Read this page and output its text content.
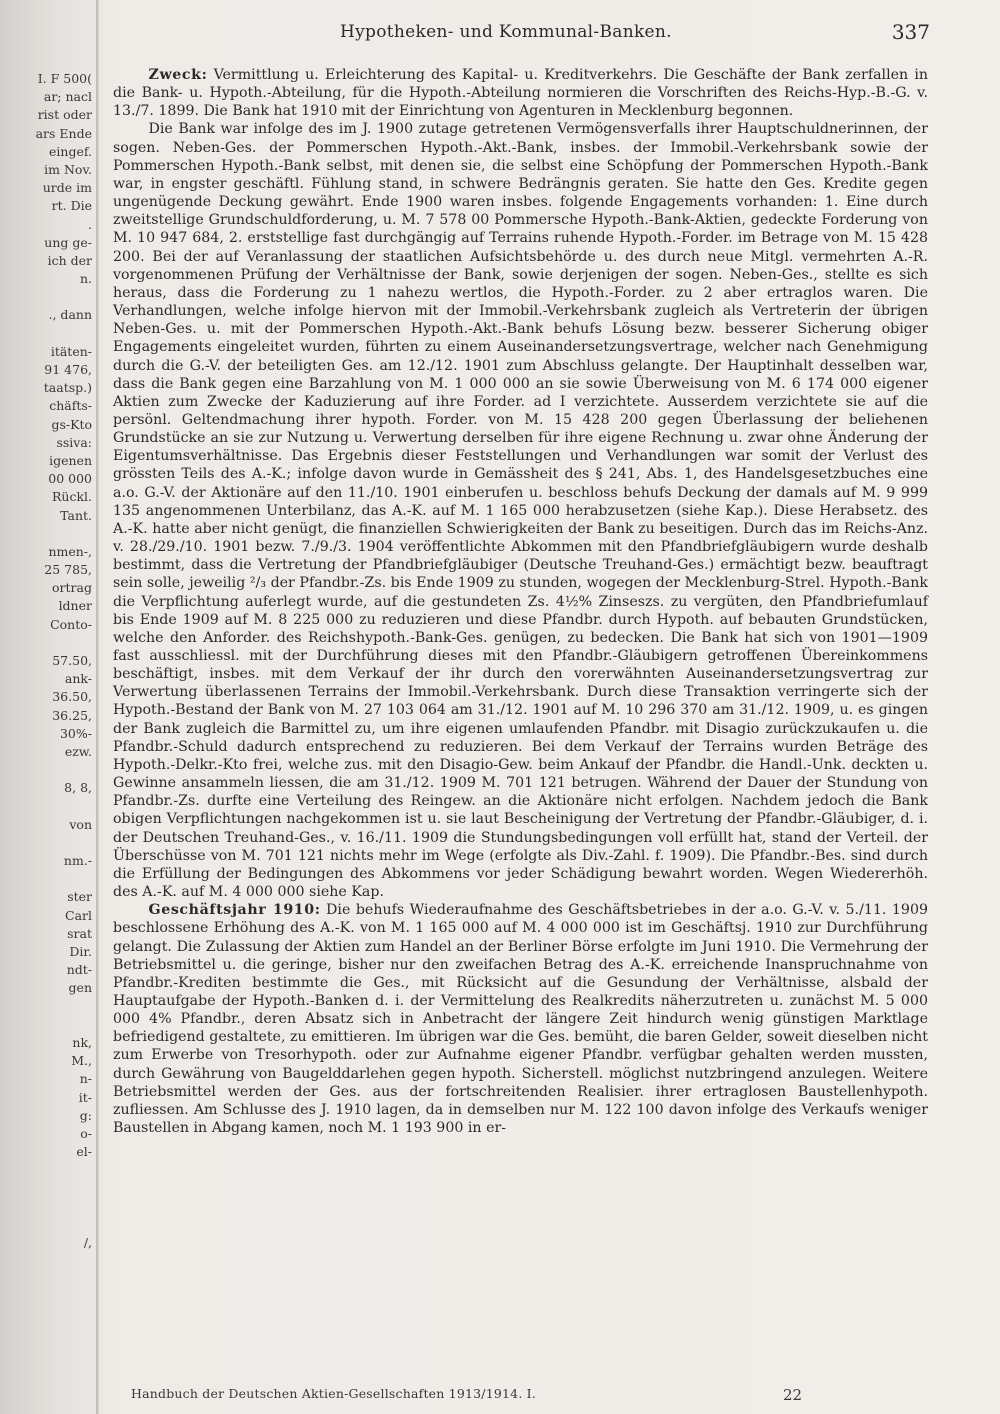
I. F 500(
ar; nacl
rist oder
ars Ende
eingef.
im Nov.
urde im
rt. Die
.
ung ge-
ich der
n.
., dann
itäten-
91 476,
taatsp.)
chäfts-
gs-Kto
ssiva:
igenen
00 000
Rückl.
Tant.
nmen-,
25 785,
ortrag
ldner
Conto-
57.50,
ank-
36.50,
36.25,
30%-
ezw.
8, 8,
von
nm.-
ster
Carl
srat
Dir.
ndt-
gen
nk,
M.,
n-
it-
g:
o-
el-
/,
Hypotheken- und Kommunal-Banken.	337

Zweck: Vermittlung u. Erleichterung des Kapital- u. Kreditverkehrs. Die Geschäfte der Bank zerfallen in die Bank- u. Hypoth.-Abteilung, für die Hypoth.-Abteilung normieren die Vorschriften des Reichs-Hyp.-B.-G. v. 13./7. 1899. Die Bank hat 1910 mit der Einrichtung von Agenturen in Mecklenburg begonnen.

Die Bank war infolge des im J. 1900 zutage getretenen Vermögensverfalls ihrer Hauptschuldnerinnen, der sogen. Neben-Ges. der Pommerschen Hypoth.-Akt.-Bank, insbes. der Immobil.-Verkehrsbank sowie der Pommerschen Hypoth.-Bank selbst, mit denen sie, die selbst eine Schöpfung der Pommerschen Hypoth.-Bank war, in engster geschäftl. Fühlung stand, in schwere Bedrängnis geraten. Sie hatte den Ges. Kredite gegen ungenügende Deckung gewährt. Ende 1900 waren insbes. folgende Engagements vorhanden: 1. Eine durch zweitstellige Grundschuldforderung, u. M. 7 578 00 Pommersche Hypoth.-Bank-Aktien, gedeckte Forderung von M. 10 947 684, 2. erststellige fast durchgängig auf Terrains ruhende Hypoth.-Forder. im Betrage von M. 15 428 200. Bei der auf Veranlassung der staatlichen Aufsichtsbehörde u. des durch neue Mitgl. vermehrten A.-R. vorgenommenen Prüfung der Verhältnisse der Bank, sowie derjenigen der sogen. Neben-Ges., stellte es sich heraus, dass die Forderung zu 1 nahezu wertlos, die Hypoth.-Forder. zu 2 aber ertraglos waren. Die Verhandlungen, welche infolge hiervon mit der Immobil.-Verkehrsbank zugleich als Vertreterin der übrigen Neben-Ges. u. mit der Pommerschen Hypoth.-Akt.-Bank behufs Lösung bezw. besserer Sicherung obiger Engagements eingeleitet wurden, führten zu einem Auseinandersetzungsvertrage, welcher nach Genehmigung durch die G.-V. der beteiligten Ges. am 12./12. 1901 zum Abschluss gelangte. Der Hauptinhalt desselben war, dass die Bank gegen eine Barzahlung von M. 1 000 000 an sie sowie Überweisung von M. 6 174 000 eigener Aktien zum Zwecke der Kaduzierung auf ihre Forder. ad I verzichtete. Ausserdem verzichtete sie auf die persönl. Geltendmachung ihrer hypoth. Forder. von M. 15 428 200 gegen Überlassung der beliehenen Grundstücke an sie zur Nutzung u. Verwertung derselben für ihre eigene Rechnung u. zwar ohne Änderung der Eigentumsverhältnisse. Das Ergebnis dieser Feststellungen und Verhandlungen war somit der Verlust des grössten Teils des A.-K.; infolge davon wurde in Gemässheit des § 241, Abs. 1, des Handelsgesetzbuches eine a.o. G.-V. der Aktionäre auf den 11./10. 1901 einberufen u. beschloss behufs Deckung der damals auf M. 9 999 135 angenommenen Unterbilanz, das A.-K. auf M. 1 165 000 herabzusetzen (siehe Kap.). Diese Herabsetz. des A.-K. hatte aber nicht genügt, die finanziellen Schwierigkeiten der Bank zu beseitigen. Durch das im Reichs-Anz. v. 28./29./10. 1901 bezw. 7./9./3. 1904 veröffentlichte Abkommen mit den Pfandbriefgläubigern wurde deshalb bestimmt, dass die Vertretung der Pfandbriefgläubiger (Deutsche Treuhand-Ges.) ermächtigt bezw. beauftragt sein solle, jeweilig ²/₃ der Pfandbr.-Zs. bis Ende 1909 zu stunden, wogegen der Mecklenburg-Strel. Hypoth.-Bank die Verpflichtung auferlegt wurde, auf die gestundeten Zs. 4½% Zinseszs. zu vergüten, den Pfandbriefumlauf bis Ende 1909 auf M. 8 225 000 zu reduzieren und diese Pfandbr. durch Hypoth. auf bebauten Grundstücken, welche den Anforder. des Reichshypoth.-Bank-Ges. genügen, zu bedecken. Die Bank hat sich von 1901—1909 fast ausschliessl. mit der Durchführung dieses mit den Pfandbr.-Gläubigern getroffenen Übereinkommens beschäftigt, insbes. mit dem Verkauf der ihr durch den vorerwähnten Auseinandersetzungsvertrag zur Verwertung überlassenen Terrains der Immobil.-Verkehrsbank. Durch diese Transaktion verringerte sich der Hypoth.-Bestand der Bank von M. 27 103 064 am 31./12. 1901 auf M. 10 296 370 am 31./12. 1909, u. es gingen der Bank zugleich die Barmittel zu, um ihre eigenen umlaufenden Pfandbr. mit Disagio zurückzukaufen u. die Pfandbr.-Schuld dadurch entsprechend zu reduzieren. Bei dem Verkauf der Terrains wurden Beträge des Hypoth.-Delkr.-Kto frei, welche zus. mit den Disagio-Gew. beim Ankauf der Pfandbr. die Handl.-Unk. deckten u. Gewinne ansammeln liessen, die am 31./12. 1909 M. 701 121 betrugen. Während der Dauer der Stundung von Pfandbr.-Zs. durfte eine Verteilung des Reingew. an die Aktionäre nicht erfolgen. Nachdem jedoch die Bank obigen Verpflichtungen nachgekommen ist u. sie laut Bescheinigung der Vertretung der Pfandbr.-Gläubiger, d. i. der Deutschen Treuhand-Ges., v. 16./11. 1909 die Stundungsbedingungen voll erfüllt hat, stand der Verteil. der Überschüsse von M. 701 121 nichts mehr im Wege (erfolgte als Div.-Zahl. f. 1909). Die Pfandbr.-Bes. sind durch die Erfüllung der Bedingungen des Abkommens vor jeder Schädigung bewahrt worden. Wegen Wiedererhöh. des A.-K. auf M. 4 000 000 siehe Kap.

Geschäftsjahr 1910: Die behufs Wiederaufnahme des Geschäftsbetriebes in der a.o. G.-V. v. 5./11. 1909 beschlossene Erhöhung des A.-K. von M. 1 165 000 auf M. 4 000 000 ist im Geschäftsj. 1910 zur Durchführung gelangt. Die Zulassung der Aktien zum Handel an der Berliner Börse erfolgte im Juni 1910. Die Vermehrung der Betriebsmittel u. die geringe, bisher nur den zweifachen Betrag des A.-K. erreichende Inanspruchnahme von Pfandbr.-Krediten bestimmte die Ges., mit Rücksicht auf die Gesundung der Verhältnisse, alsbald der Hauptaufgabe der Hypoth.-Banken d. i. der Vermittelung des Realkredits näherzutreten u. zunächst M. 5 000 000 4% Pfandbr., deren Absatz sich in Anbetracht der längere Zeit hindurch wenig günstigen Marktlage befriedigend gestaltete, zu emittieren. Im übrigen war die Ges. bemüht, die baren Gelder, soweit dieselben nicht zum Erwerbe von Tresorhypoth. oder zur Aufnahme eigener Pfandbr. verfügbar gehalten werden mussten, durch Gewährung von Baugelddarlehen gegen hypoth. Sicherstell. möglichst nutzbringend anzulegen. Weitere Betriebsmittel werden der Ges. aus der fortschreitenden Realisier. ihrer ertraglosen Baustellenhypoth. zufliessen. Am Schlusse des J. 1910 lagen, da in demselben nur M. 122 100 davon infolge des Verkaufs weniger Baustellen in Abgang kamen, noch M. 1 193 900 in er-

Handbuch der Deutschen Aktien-Gesellschaften 1913/1914. I.	22
